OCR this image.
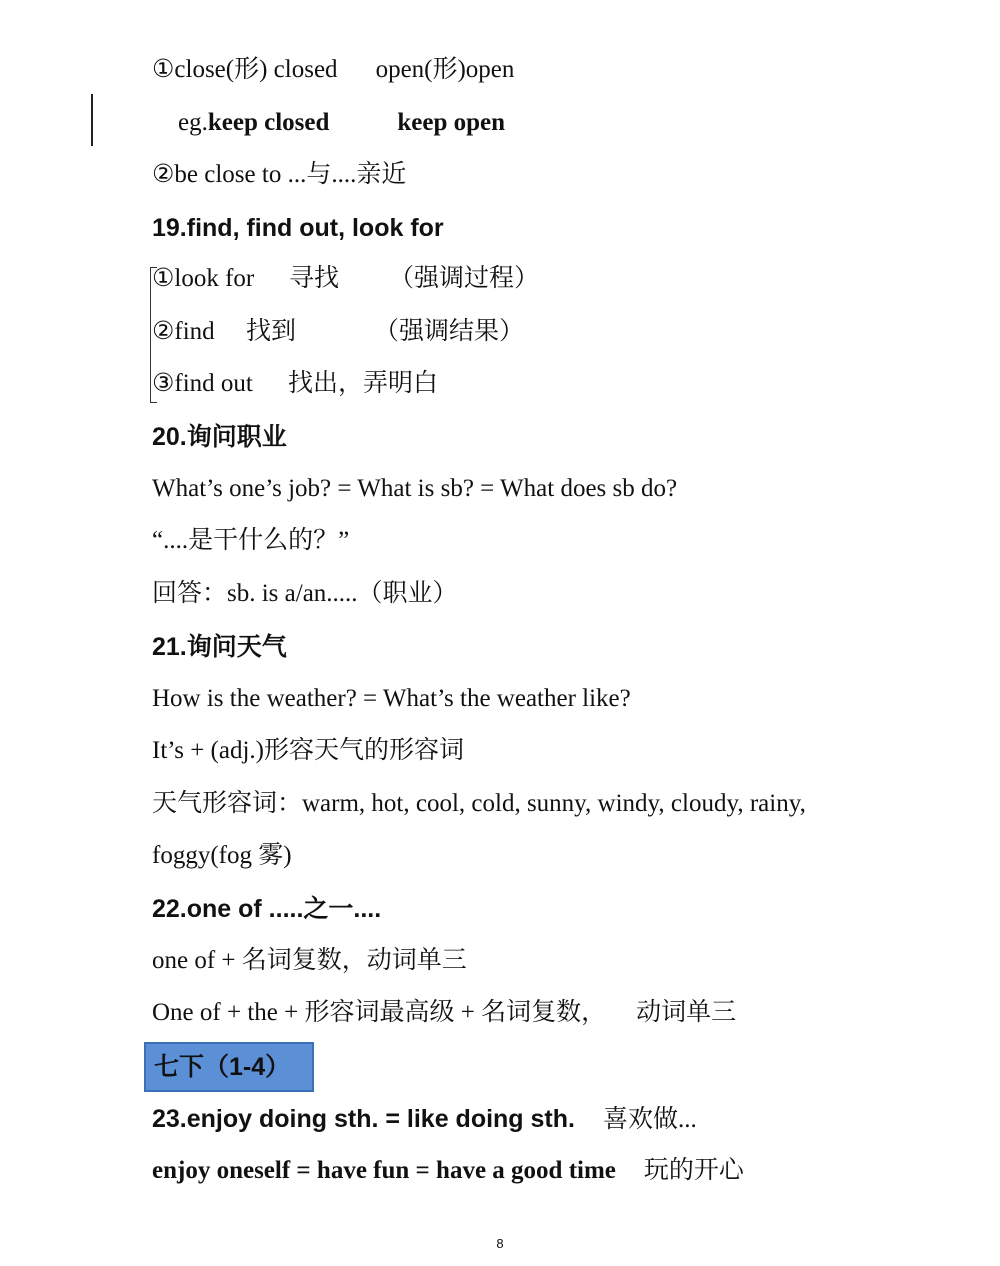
①close(形) closed open(形)open
eg.keep closed	keep open
②be close to ...与....亲近
19.find, find out, look for
①look for 寻找 （强调过程）
②find 找到	（强调结果）
③find out 找出，弄明白
20.询问职业
What’s one’s job? = What is sb? = What does sb do?
“....是干什么的？”
回答：sb. is a/an.....（职业）
21.询问天气
How is the weather? = What’s the weather like?
It’s + (adj.)形容天气的形容词
天气形容词：warm, hot, cool, cold, sunny, windy, cloudy, rainy,
foggy(fog 雾)
22.one of .....之一....
one of + 名词复数，动词单三
One of + the + 形容词最高级 + 名词复数， 动词单三
七下（1-4）
23.enjoy doing sth. = like doing sth. 喜欢做...
enjoy oneself = have fun = have a good time 玩的开心
8
